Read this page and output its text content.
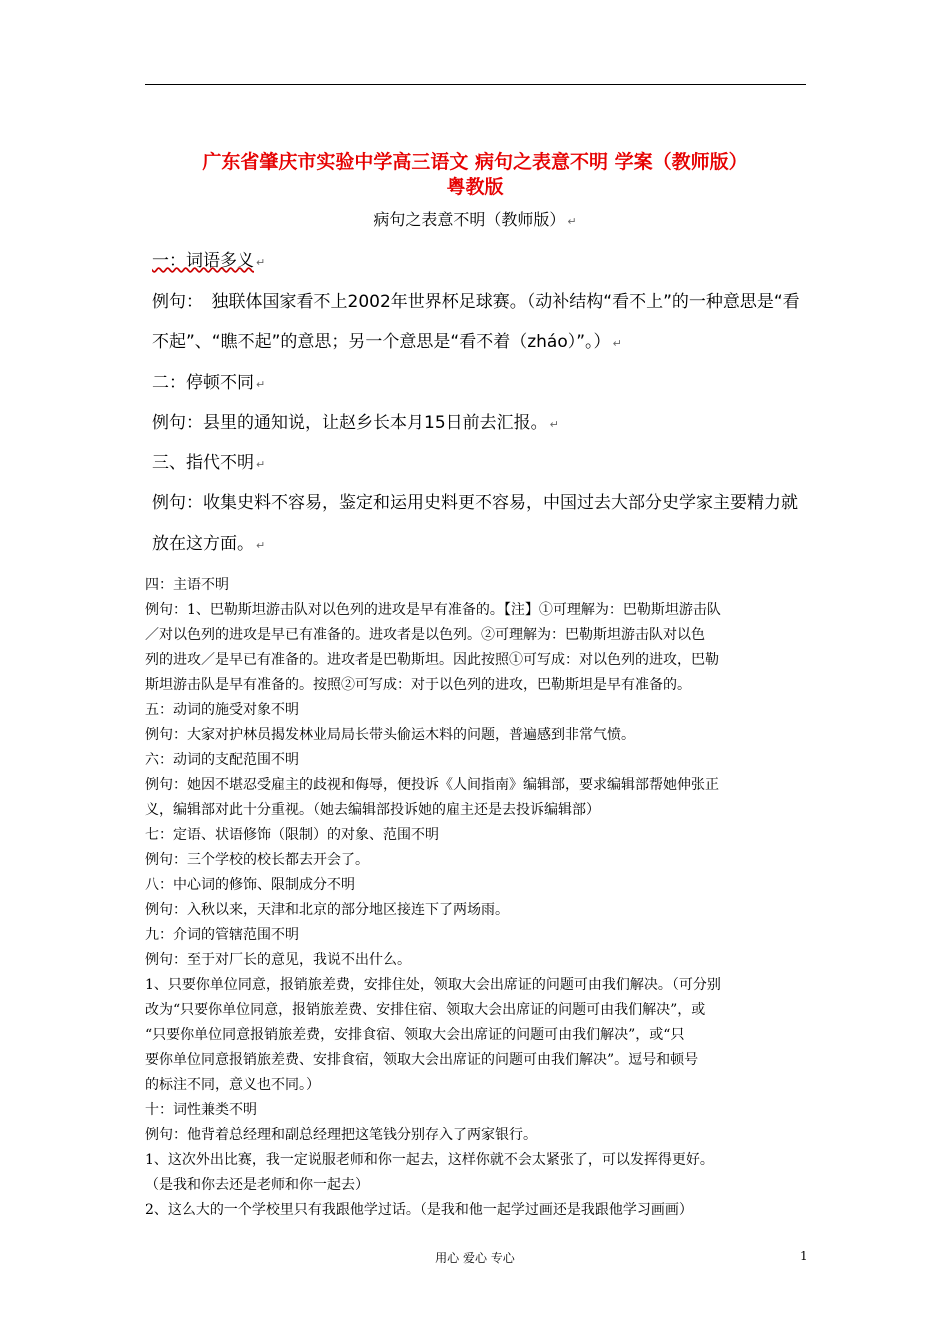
广东省肇庆市实验中学高三语文 病句之表意不明 学案（教师版）
粤教版
病句之表意不明（教师版） ↵
一：词语多义 ↵
例句：　独联体国家看不上2002年世界杯足球赛。（动补结构“看不上”的一种意思是“看
不起”、“瞧不起”的意思；另一个意思是“看不着（zháo）”。） ↵
二：停顿不同 ↵
例句：县里的通知说，让赵乡长本月15日前去汇报。 ↵
三、指代不明 ↵
例句：收集史料不容易，鉴定和运用史料更不容易，中国过去大部分史学家主要精力就
放在这方面。 ↵
四：主语不明
例句：1、巴勒斯坦游击队对以色列的进攻是早有准备的。【注】①可理解为：巴勒斯坦游击队
／对以色列的进攻是早已有准备的。进攻者是以色列。②可理解为：巴勒斯坦游击队对以色
列的进攻／是早已有准备的。进攻者是巴勒斯坦。因此按照①可写成：对以色列的进攻，巴勒
斯坦游击队是早有准备的。按照②可写成：对于以色列的进攻，巴勒斯坦是早有准备的。
五：动词的施受对象不明
例句：大家对护林员揭发林业局局长带头偷运木料的问题，普遍感到非常气愤。
六：动词的支配范围不明
例句：她因不堪忍受雇主的歧视和侮辱，便投诉《人间指南》编辑部，要求编辑部帮她伸张正
义，编辑部对此十分重视。（她去编辑部投诉她的雇主还是去投诉编辑部）
七：定语、状语修饰（限制）的对象、范围不明
例句：三个学校的校长都去开会了。
八：中心词的修饰、限制成分不明
例句：入秋以来，天津和北京的部分地区接连下了两场雨。
九：介词的管辖范围不明
例句：至于对厂长的意见，我说不出什么。
1、只要你单位同意，报销旅差费，安排住处，领取大会出席证的问题可由我们解决。（可分别
改为“只要你单位同意，报销旅差费、安排住宿、领取大会出席证的问题可由我们解决”，或
“只要你单位同意报销旅差费，安排食宿、领取大会出席证的问题可由我们解决”，或“只
要你单位同意报销旅差费、安排食宿，领取大会出席证的问题可由我们解决”。逗号和顿号
的标注不同，意义也不同。）
十：词性兼类不明
例句：他背着总经理和副总经理把这笔钱分别存入了两家银行。
1、这次外出比赛，我一定说服老师和你一起去，这样你就不会太紧张了，可以发挥得更好。
（是我和你去还是老师和你一起去）
2、这么大的一个学校里只有我跟他学过话。（是我和他一起学过画还是我跟他学习画画）
用心 爱心 专心	1
